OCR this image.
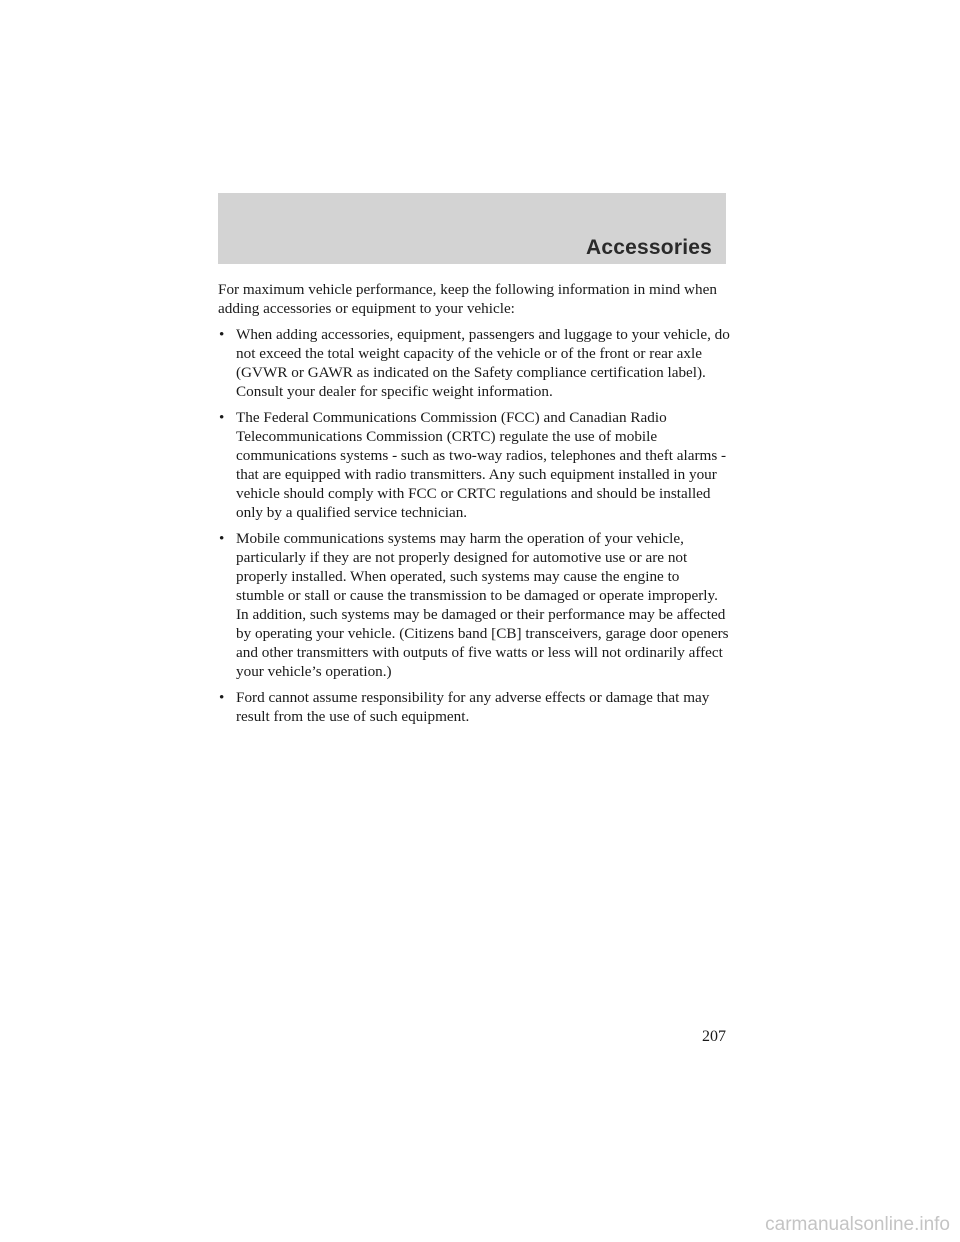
Accessories

For maximum vehicle performance, keep the following information in mind when adding accessories or equipment to your vehicle:

• When adding accessories, equipment, passengers and luggage to your vehicle, do not exceed the total weight capacity of the vehicle or of the front or rear axle (GVWR or GAWR as indicated on the Safety compliance certification label). Consult your dealer for specific weight information.
• The Federal Communications Commission (FCC) and Canadian Radio Telecommunications Commission (CRTC) regulate the use of mobile communications systems - such as two-way radios, telephones and theft alarms - that are equipped with radio transmitters. Any such equipment installed in your vehicle should comply with FCC or CRTC regulations and should be installed only by a qualified service technician.
• Mobile communications systems may harm the operation of your vehicle, particularly if they are not properly designed for automotive use or are not properly installed. When operated, such systems may cause the engine to stumble or stall or cause the transmission to be damaged or operate improperly. In addition, such systems may be damaged or their performance may be affected by operating your vehicle. (Citizens band [CB] transceivers, garage door openers and other transmitters with outputs of five watts or less will not ordinarily affect your vehicle’s operation.)
• Ford cannot assume responsibility for any adverse effects or damage that may result from the use of such equipment.
207
carmanualsonline.info
